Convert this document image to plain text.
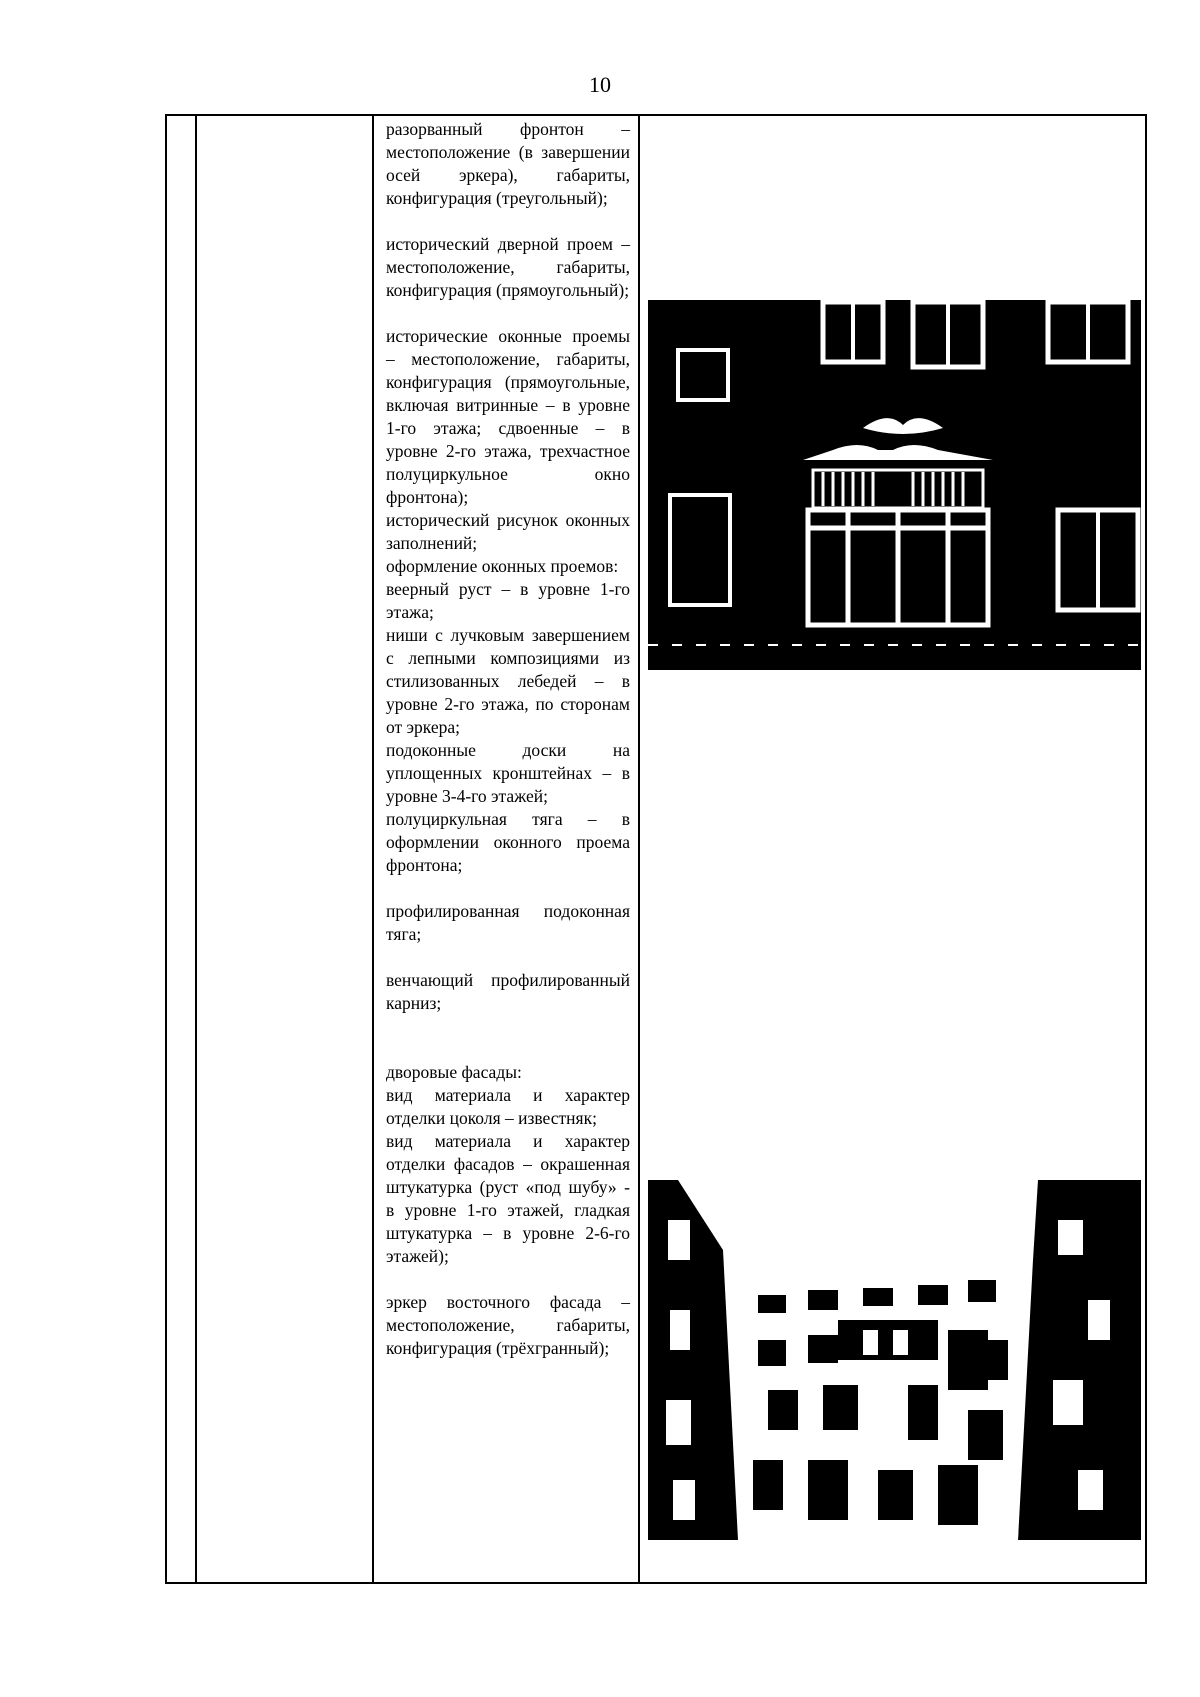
10

разорванный фронтон – местоположение (в завершении осей эркера), габариты, конфигурация (треугольный);

исторический дверной проем – местоположение, габариты, конфигурация (прямоугольный);

исторические оконные проемы – местоположение, габариты, конфигурация (прямоугольные, включая витринные – в уровне 1-го этажа; сдвоенные – в уровне 2-го этажа, трехчастное полуциркульное окно фронтона);

исторический рисунок оконных заполнений;

оформление оконных проемов:

веерный руст – в уровне 1-го этажа;

ниши с лучковым завершением с лепными композициями из стилизованных лебедей – в уровне 2-го этажа, по сторонам от эркера;

подоконные доски на уплощенных кронштейнах – в уровне 3-4-го этажей;

полуциркульная тяга – в оформлении оконного проема фронтона;

профилированная подоконная тяга;

венчающий профилированный карниз;

дворовые фасады:

вид материала и характер отделки цоколя – известняк;

вид материала и характер отделки фасадов – окрашенная штукатурка (руст «под шубу» - в уровне 1-го этажей, гладкая штукатурка – в уровне 2-6-го этажей);

эркер восточного фасада – местоположение, габариты, конфигурация (трёхгранный);
